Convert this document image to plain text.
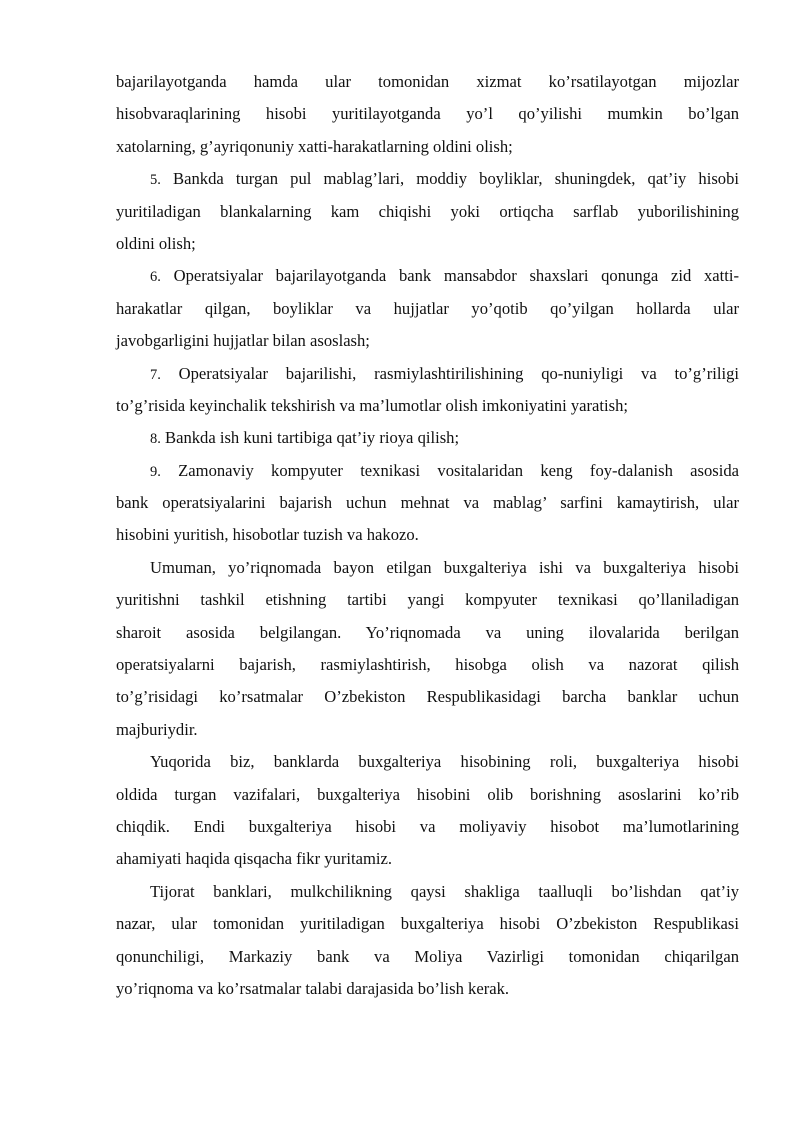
bajarilayotganda hamda ular tomonidan xizmat ko’rsatilayotgan mijozlar
hisobvaraqlarining hisobi yuritilayotganda yo’l qo’yilishi mumkin bo’lgan
xatolarning, g’ayriqonuniy xatti-harakatlarning oldini olish;
5. Bankda turgan pul mablag’lari, moddiy boyliklar, shuningdek, qat’iy hisobi
yuritiladigan blankalarning kam chiqishi yoki ortiqcha sarflab yuborilishining
oldini olish;
6. Operatsiyalar bajarilayotganda bank mansabdor shaxslari qonunga zid xatti-
harakatlar qilgan, boyliklar va hujjatlar yo’qotib qo’yilgan hollarda ular
javobgarligini hujjatlar bilan asoslash;
7. Operatsiyalar bajarilishi, rasmiylashtirilishining qo-nuniyligi va to’g’riligi
to’g’risida keyinchalik tekshirish va ma’lumotlar olish imkoniyatini yaratish;
8. Bankda ish kuni tartibiga qat’iy rioya qilish;
9. Zamonaviy kompyuter texnikasi vositalaridan keng foy-dalanish asosida
bank operatsiyalarini bajarish uchun mehnat va mablag’ sarfini kamaytirish, ular
hisobini yuritish, hisobotlar tuzish va hakozo.
Umuman, yo’riqnomada bayon etilgan buxgalteriya ishi va buxgalteriya hisobi
yuritishni tashkil etishning tartibi yangi kompyuter texnikasi qo’llaniladigan
sharoit asosida belgilangan. Yo’riqnomada va uning ilovalarida berilgan
operatsiyalarni bajarish, rasmiylashtirish, hisobga olish va nazorat qilish
to’g’risidagi ko’rsatmalar O’zbekiston Respublikasidagi barcha banklar uchun
majburiydir.
Yuqorida biz, banklarda buxgalteriya hisobining roli, buxgalteriya hisobi
oldida turgan vazifalari, buxgalteriya hisobini olib borishning asoslarini ko’rib
chiqdik. Endi buxgalteriya hisobi va moliyaviy hisobot ma’lumotlarining
ahamiyati haqida qisqacha fikr yuritamiz.
Tijorat banklari, mulkchilikning qaysi shakliga taalluqli bo’lishdan qat’iy
nazar, ular tomonidan yuritiladigan buxgalteriya hisobi O’zbekiston Respublikasi
qonunchiligi, Markaziy bank va Moliya Vazirligi tomonidan chiqarilgan
yo’riqnoma va ko’rsatmalar talabi darajasida bo’lish kerak.
